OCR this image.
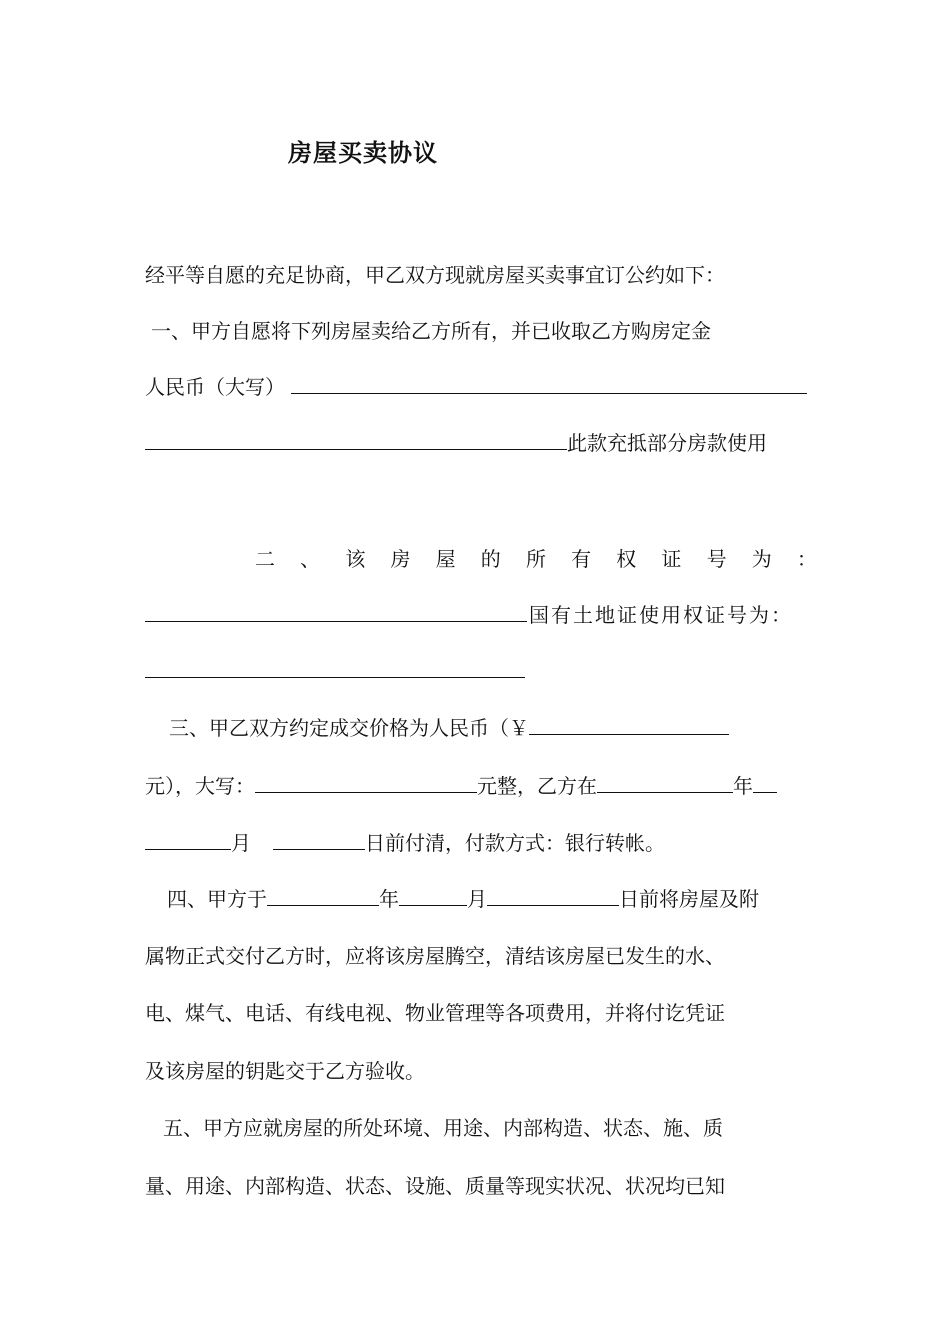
房屋买卖协议
经平等自愿的充足协商，甲乙双方现就房屋买卖事宜订公约如下：
一、甲方自愿将下列房屋卖给乙方所有，并已收取乙方购房定金
人民币（大写）
此款充抵部分房款使用
二 、 该 房 屋 的 所 有 权 证 号 为 ：
国有土地证使用权证号为：
三、甲乙双方约定成交价格为人民币（￥
元），大写：	元整，乙方在	年
月	日前付清，付款方式：银行转帐。
四、甲方于	年	月	日前将房屋及附
属物正式交付乙方时，应将该房屋腾空，清结该房屋已发生的水、
电、煤气、电话、有线电视、物业管理等各项费用，并将付讫凭证
及该房屋的钥匙交于乙方验收。
五、甲方应就房屋的所处环境、用途、内部构造、状态、施、质
量、用途、内部构造、状态、设施、质量等现实状况、状况均已知
